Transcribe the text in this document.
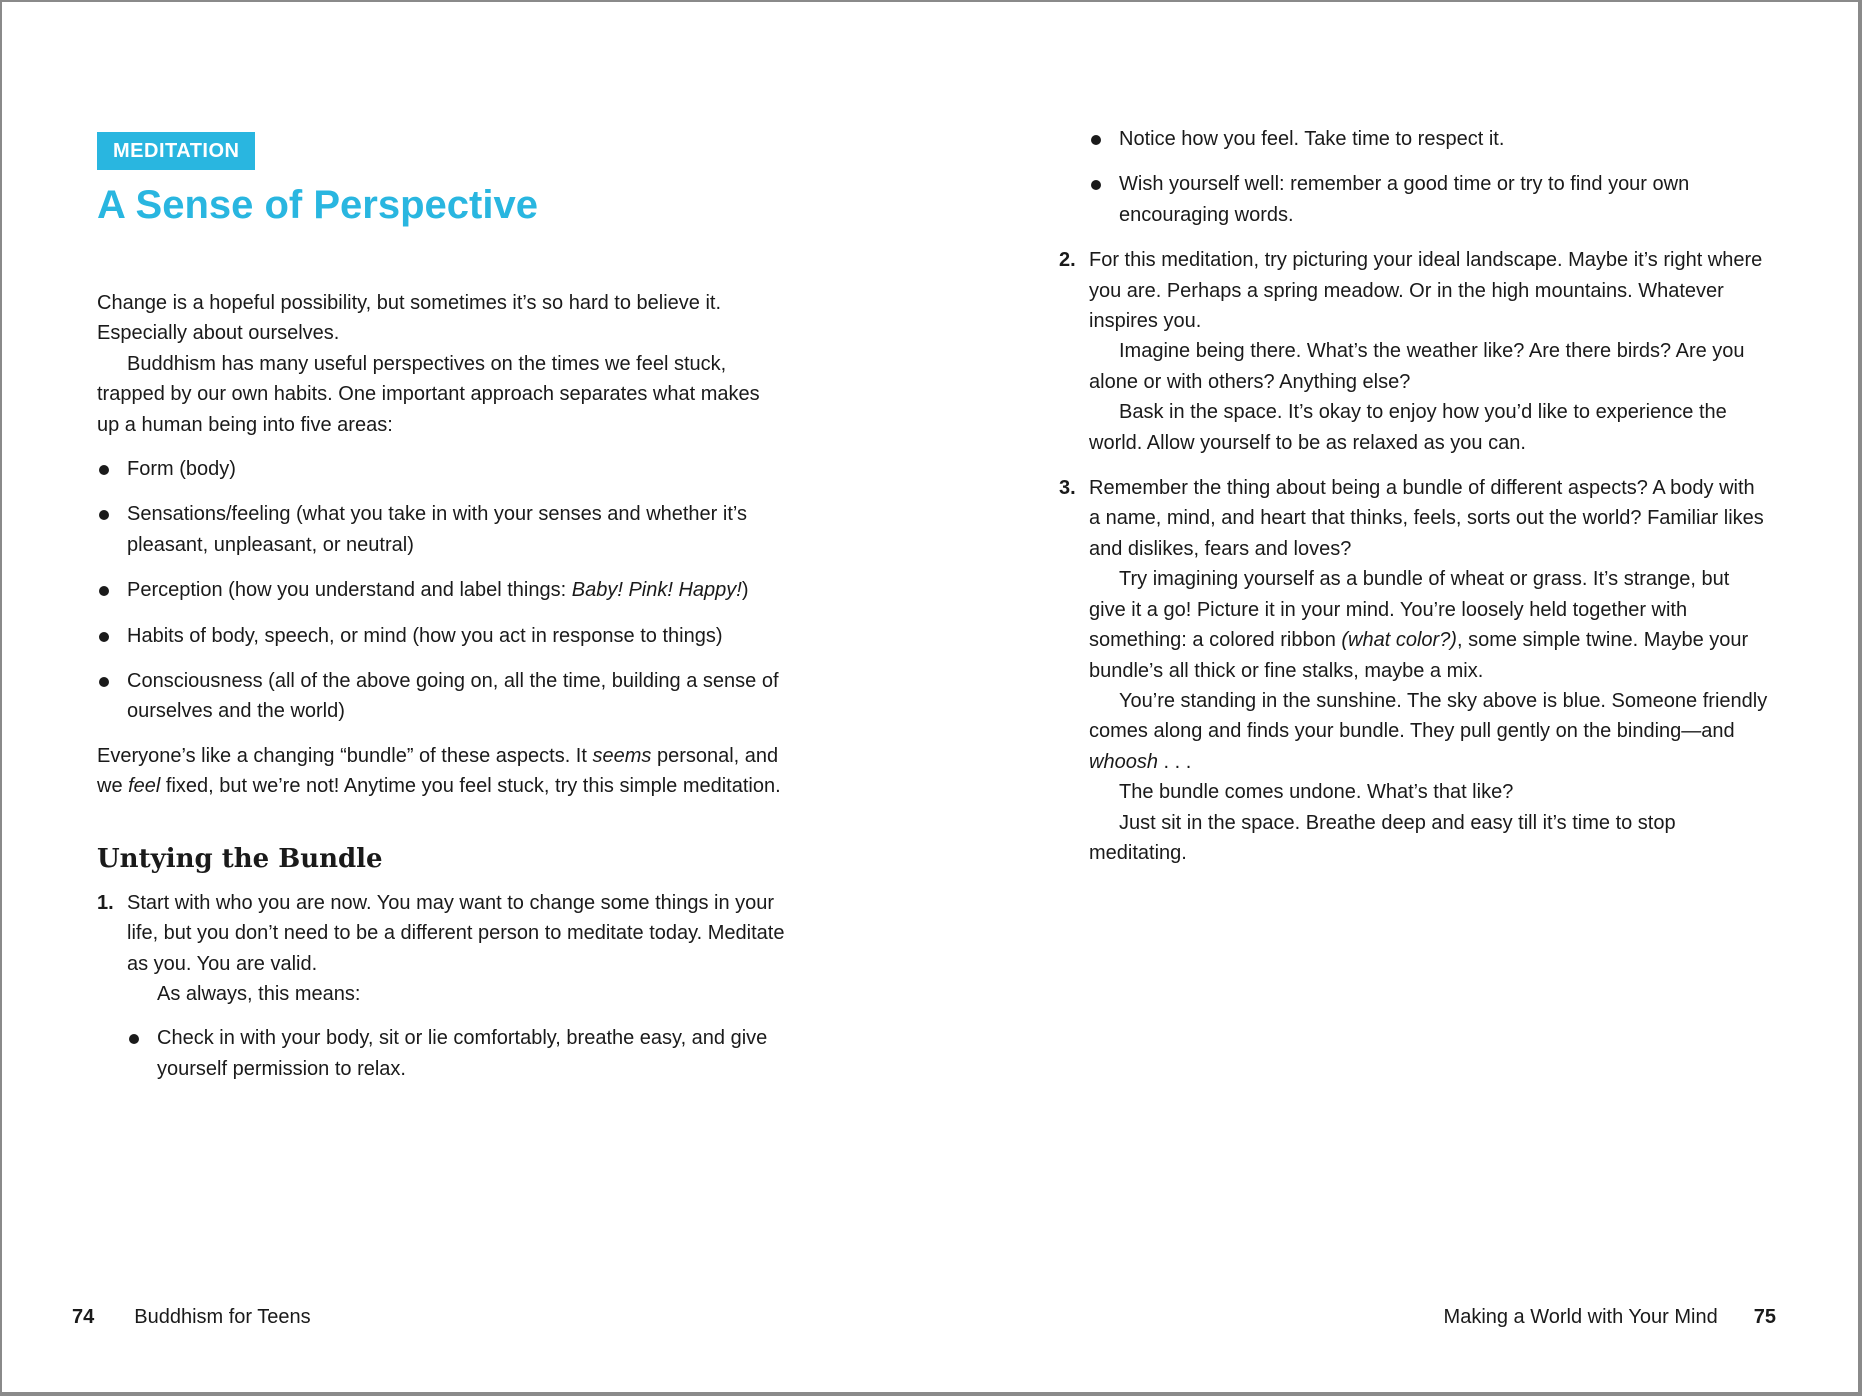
MEDITATION
A Sense of Perspective

Change is a hopeful possibility, but sometimes it’s so hard to believe it. Especially about ourselves.

Buddhism has many useful perspectives on the times we feel stuck, trapped by our own habits. One important approach separates what makes up a human being into five areas:

Form (body)
Sensations/feeling (what you take in with your senses and whether it’s pleasant, unpleasant, or neutral)
Perception (how you understand and label things: Baby! Pink! Happy!)
Habits of body, speech, or mind (how you act in response to things)
Consciousness (all of the above going on, all the time, building a sense of ourselves and the world)

Everyone’s like a changing “bundle” of these aspects. It seems personal, and we feel fixed, but we’re not! Anytime you feel stuck, try this simple meditation.

Untying the Bundle
1. Start with who you are now. You may want to change some things in your life, but you don’t need to be a different person to meditate today. Meditate as you. You are valid.

As always, this means:

Check in with your body, sit or lie comfortably, breathe easy, and give yourself permission to relax.
Notice how you feel. Take time to respect it.
Wish yourself well: remember a good time or try to find your own encouraging words.
2. For this meditation, try picturing your ideal landscape. Maybe it’s right where you are. Perhaps a spring meadow. Or in the high mountains. Whatever inspires you.

Imagine being there. What’s the weather like? Are there birds? Are you alone or with others? Anything else?

Bask in the space. It’s okay to enjoy how you’d like to experience the world. Allow yourself to be as relaxed as you can.

3. Remember the thing about being a bundle of different aspects? A body with a name, mind, and heart that thinks, feels, sorts out the world? Familiar likes and dislikes, fears and loves?

Try imagining yourself as a bundle of wheat or grass. It’s strange, but give it a go! Picture it in your mind. You’re loosely held together with something: a colored ribbon (what color?), some simple twine. Maybe your bundle’s all thick or fine stalks, maybe a mix.

You’re standing in the sunshine. The sky above is blue. Someone friendly comes along and finds your bundle. They pull gently on the binding—and whoosh . . .

The bundle comes undone. What’s that like?

Just sit in the space. Breathe deep and easy till it’s time to stop meditating.

74 Buddhism for Teens	Making a World with Your Mind 75
